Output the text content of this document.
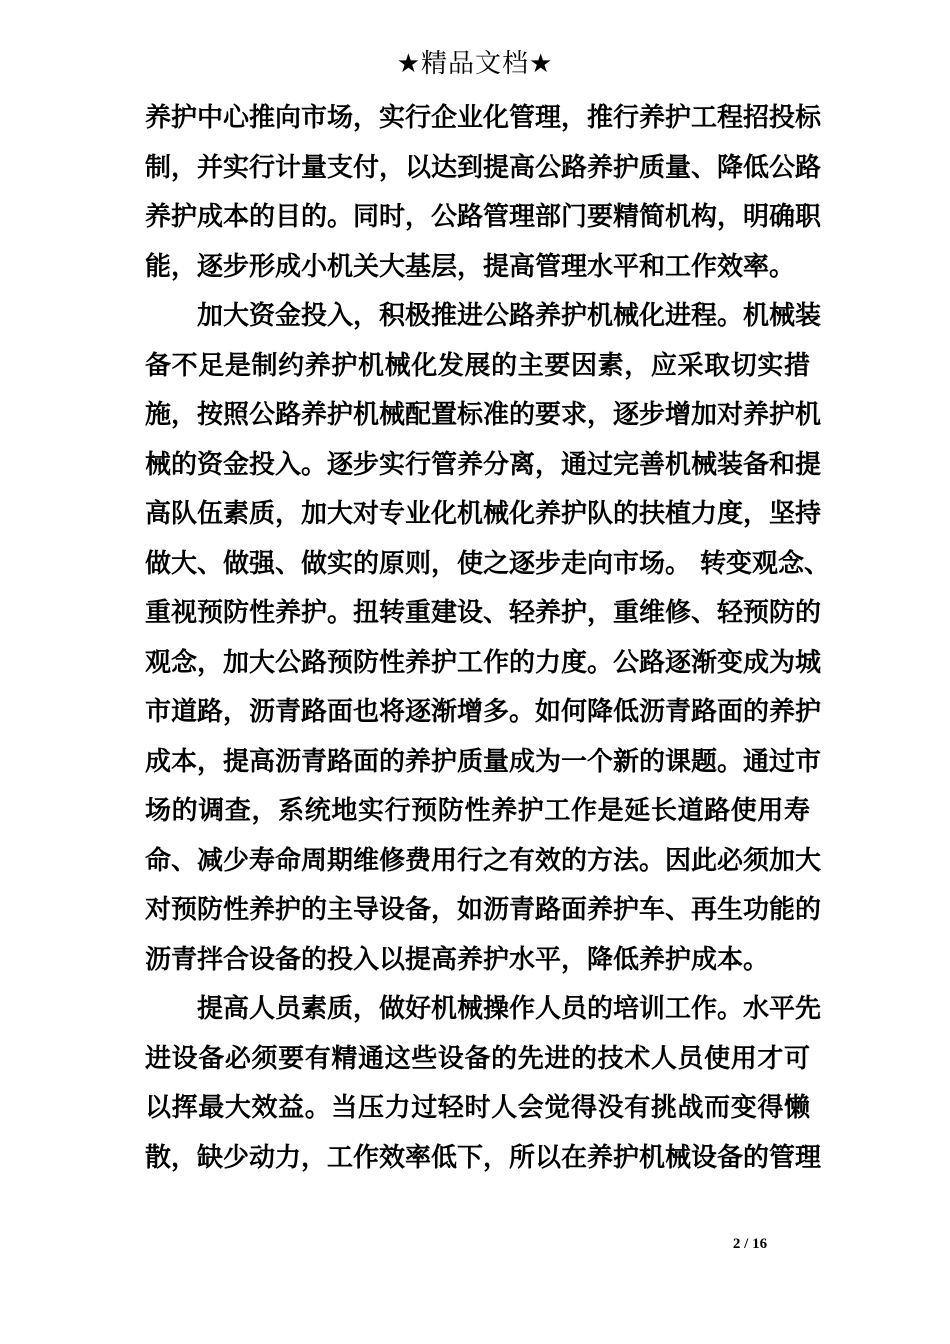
★精品文档★
养护中心推向市场，实行企业化管理，推行养护工程招投标
制，并实行计量支付，以达到提高公路养护质量、降低公路
养护成本的目的。同时，公路管理部门要精简机构，明确职
能，逐步形成小机关大基层，提高管理水平和工作效率。
加大资金投入，积极推进公路养护机械化进程。机械装
备不足是制约养护机械化发展的主要因素，应采取切实措
施，按照公路养护机械配置标准的要求，逐步增加对养护机
械的资金投入。逐步实行管养分离，通过完善机械装备和提
高队伍素质，加大对专业化机械化养护队的扶植力度，坚持
做大、做强、做实的原则，使之逐步走向市场。 转变观念、
重视预防性养护。扭转重建设、轻养护，重维修、轻预防的
观念，加大公路预防性养护工作的力度。公路逐渐变成为城
市道路，沥青路面也将逐渐增多。如何降低沥青路面的养护
成本，提高沥青路面的养护质量成为一个新的课题。通过市
场的调查，系统地实行预防性养护工作是延长道路使用寿
命、减少寿命周期维修费用行之有效的方法。因此必须加大
对预防性养护的主导设备，如沥青路面养护车、再生功能的
沥青拌合设备的投入以提高养护水平，降低养护成本。
提高人员素质，做好机械操作人员的培训工作。水平先
进设备必须要有精通这些设备的先进的技术人员使用才可
以挥最大效益。当压力过轻时人会觉得没有挑战而变得懒
散，缺少动力，工作效率低下，所以在养护机械设备的管理
2 / 16
